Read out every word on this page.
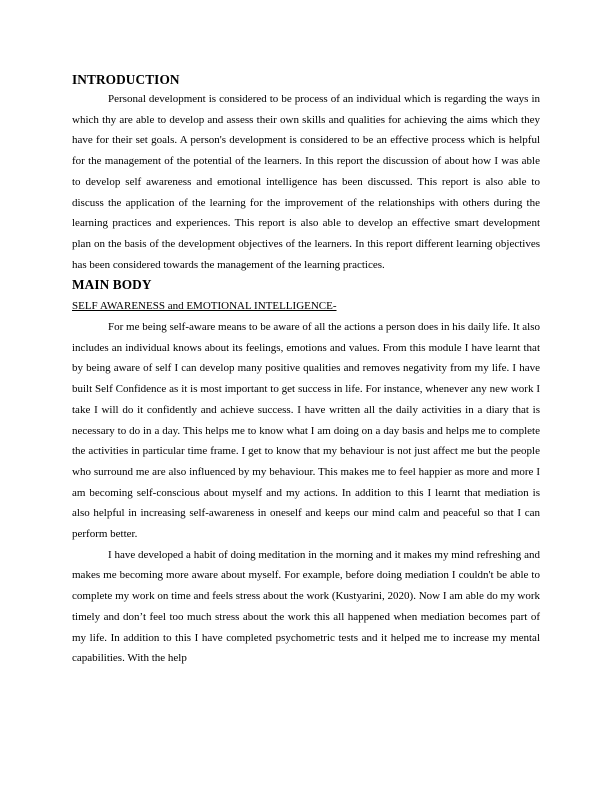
INTRODUCTION

Personal development is considered to be process of an individual which is regarding the ways in which thy are able to develop and assess their own skills and qualities for achieving the aims which they have for their set goals. A person's development is considered to be an effective process which is helpful for the management of the potential of the learners. In this report the discussion of about how I was able to develop self awareness and emotional intelligence has been discussed. This report is also able to discuss the application of the learning for the improvement of the relationships with others during the learning practices and experiences. This report is also able to develop an effective smart development plan on the basis of the development objectives of the learners. In this report different learning objectives has been considered towards the management of the learning practices.

MAIN BODY
SELF AWARENESS and EMOTIONAL INTELLIGENCE-

For me being self-aware means to be aware of all the actions a person does in his daily life. It also includes an individual knows about its feelings, emotions and values. From this module I have learnt that by being aware of self I can develop many positive qualities and removes negativity from my life. I have built Self Confidence as it is most important to get success in life. For instance, whenever any new work I take I will do it confidently and achieve success. I have written all the daily activities in a diary that is necessary to do in a day. This helps me to know what I am doing on a day basis and helps me to complete the activities in particular time frame. I get to know that my behaviour is not just affect me but the people who surround me are also influenced by my behaviour. This makes me to feel happier as more and more I am becoming self-conscious about myself and my actions. In addition to this I learnt that mediation is also helpful in increasing self-awareness in oneself and keeps our mind calm and peaceful so that I can perform better.

I have developed a habit of doing meditation in the morning and it makes my mind refreshing and makes me becoming more aware about myself. For example, before doing mediation I couldn't be able to complete my work on time and feels stress about the work (Kustyarini, 2020). Now I am able do my work timely and don’t feel too much stress about the work this all happened when mediation becomes part of my life. In addition to this I have completed psychometric tests and it helped me to increase my mental capabilities. With the help
